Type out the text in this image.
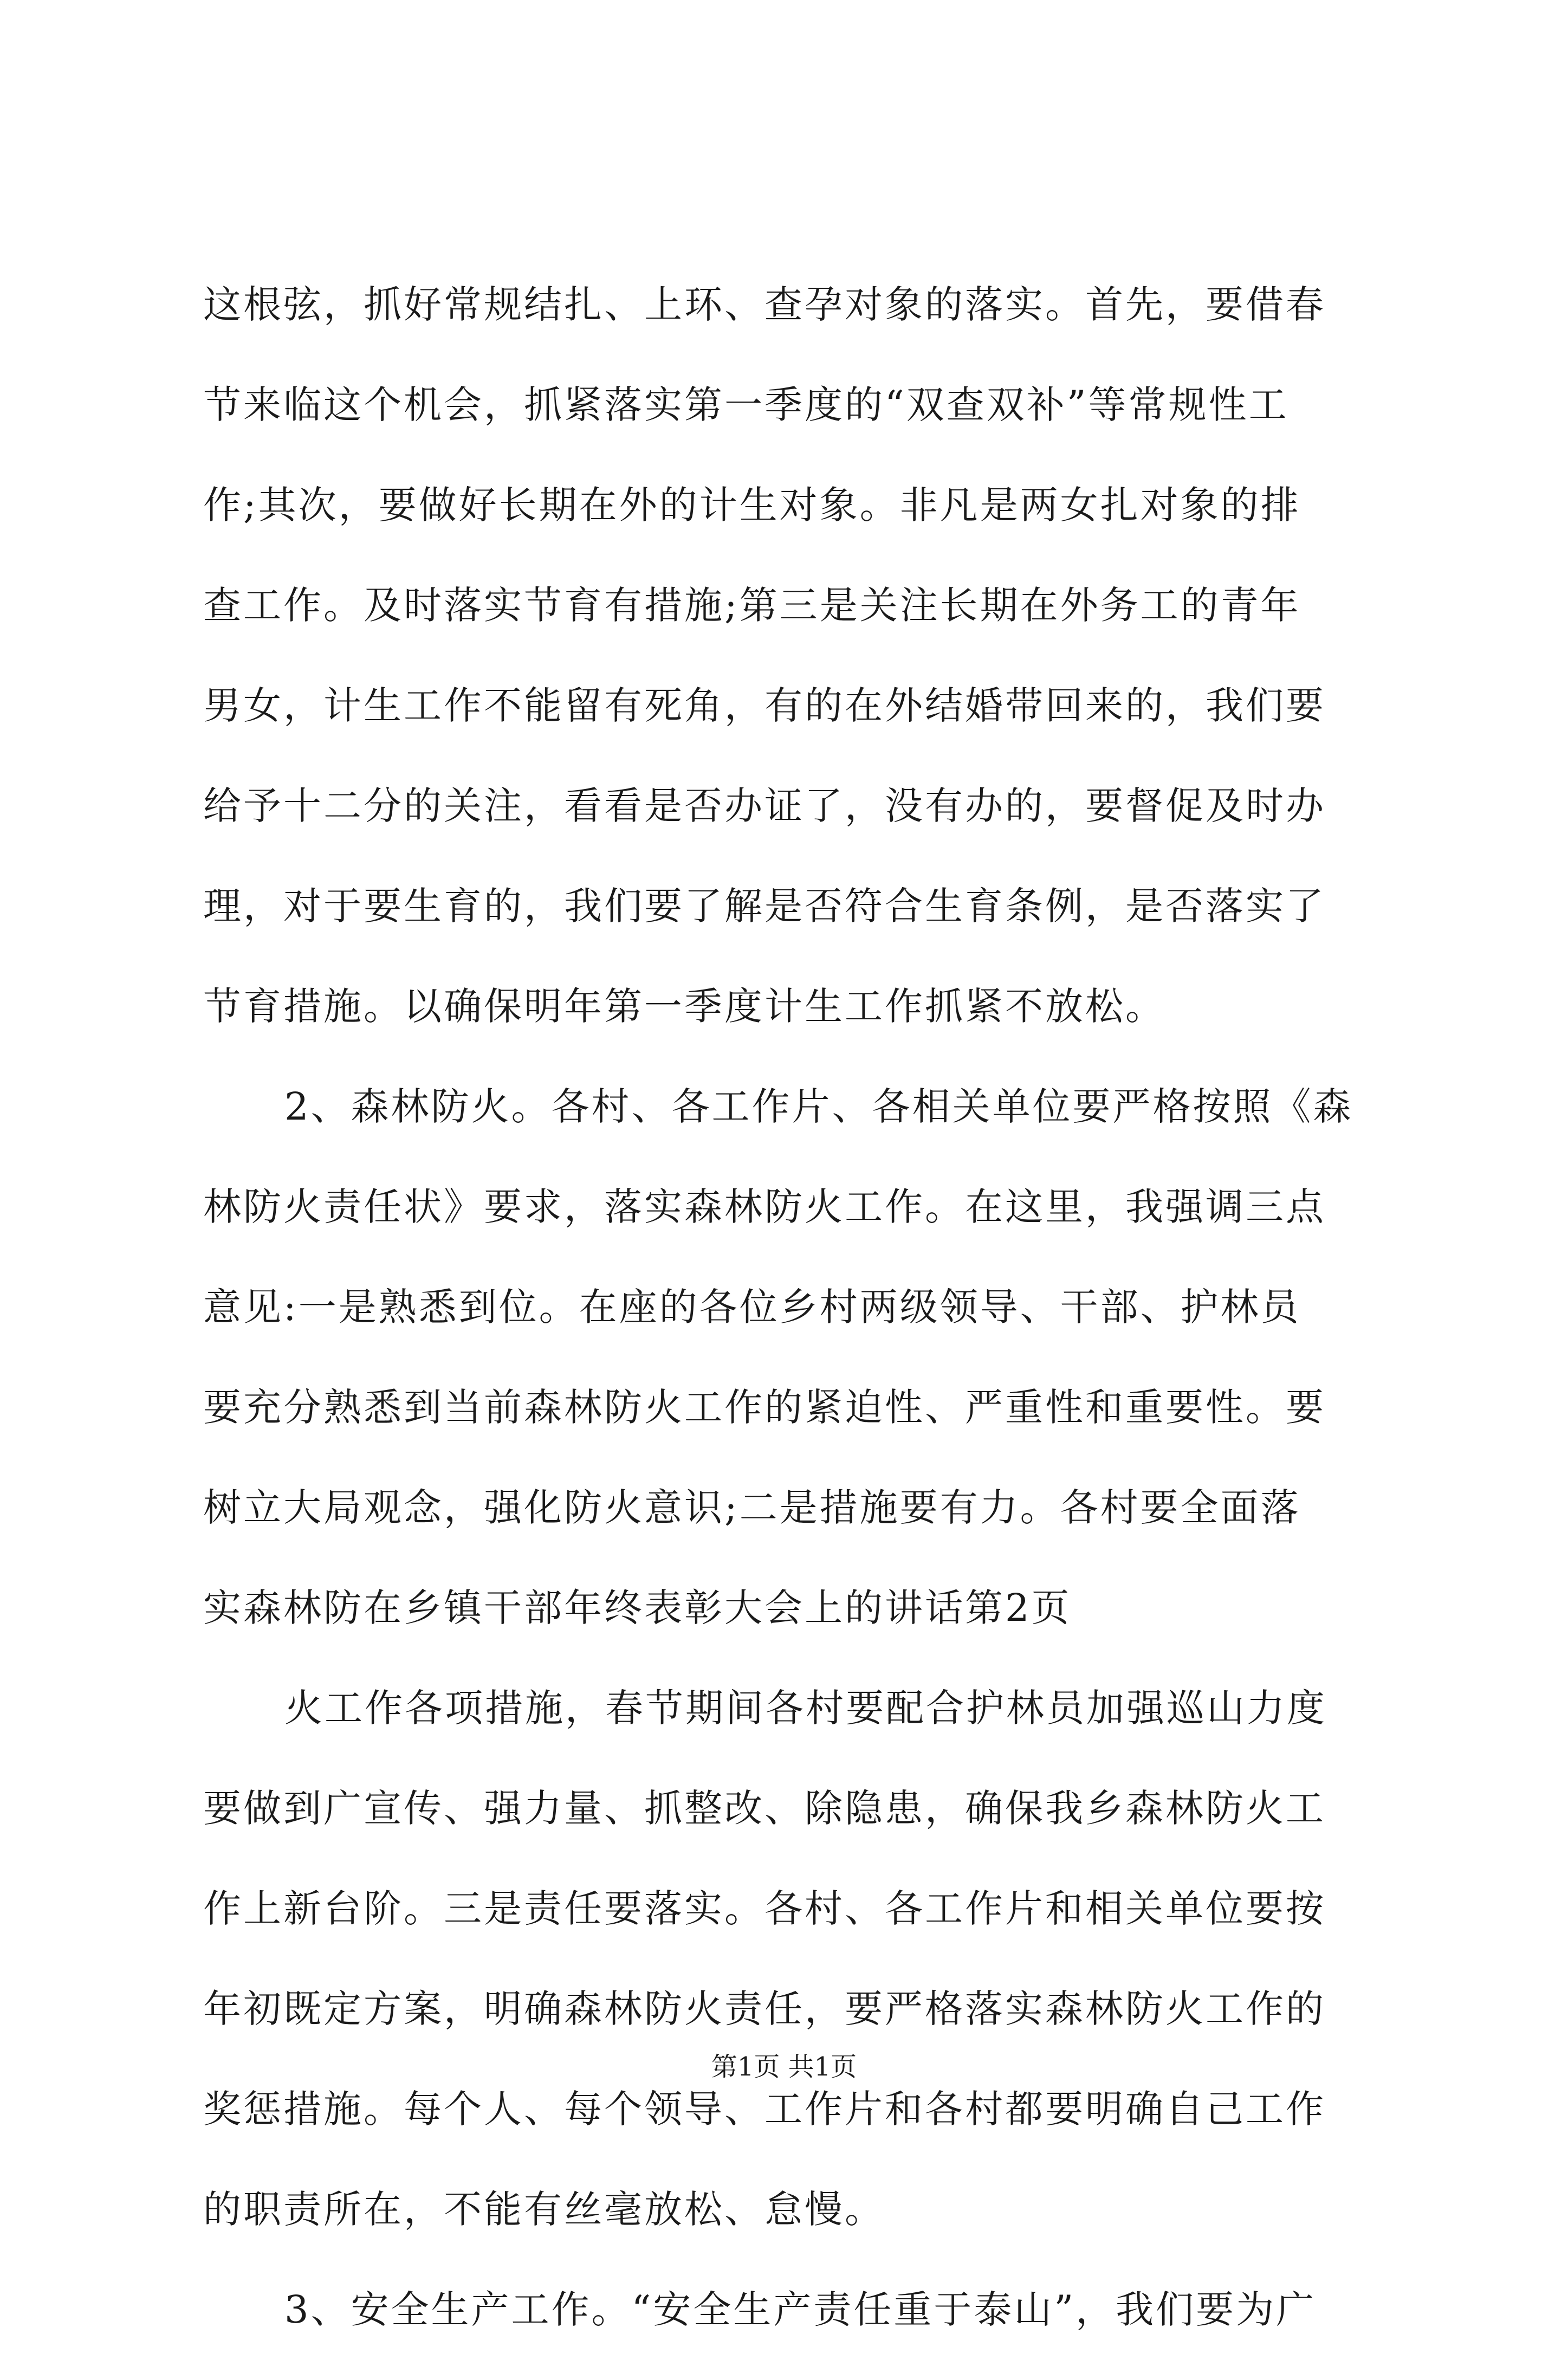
这根弦，抓好常规结扎、上环、查孕对象的落实。首先，要借春
节来临这个机会，抓紧落实第一季度的“双查双补”等常规性工
作;其次，要做好长期在外的计生对象。非凡是两女扎对象的排
查工作。及时落实节育有措施;第三是关注长期在外务工的青年
男女，计生工作不能留有死角，有的在外结婚带回来的，我们要
给予十二分的关注，看看是否办证了，没有办的，要督促及时办
理，对于要生育的，我们要了解是否符合生育条例，是否落实了
节育措施。以确保明年第一季度计生工作抓紧不放松。
2、森林防火。各村、各工作片、各相关单位要严格按照《森
林防火责任状》要求，落实森林防火工作。在这里，我强调三点
意见:一是熟悉到位。在座的各位乡村两级领导、干部、护林员
要充分熟悉到当前森林防火工作的紧迫性、严重性和重要性。要
树立大局观念，强化防火意识;二是措施要有力。各村要全面落
实森林防在乡镇干部年终表彰大会上的讲话第2页
火工作各项措施，春节期间各村要配合护林员加强巡山力度
要做到广宣传、强力量、抓整改、除隐患，确保我乡森林防火工
作上新台阶。三是责任要落实。各村、各工作片和相关单位要按
年初既定方案，明确森林防火责任，要严格落实森林防火工作的
奖惩措施。每个人、每个领导、工作片和各村都要明确自己工作
的职责所在，不能有丝毫放松、怠慢。
3、安全生产工作。“安全生产责任重于泰山”，我们要为广
第1页 共1页
